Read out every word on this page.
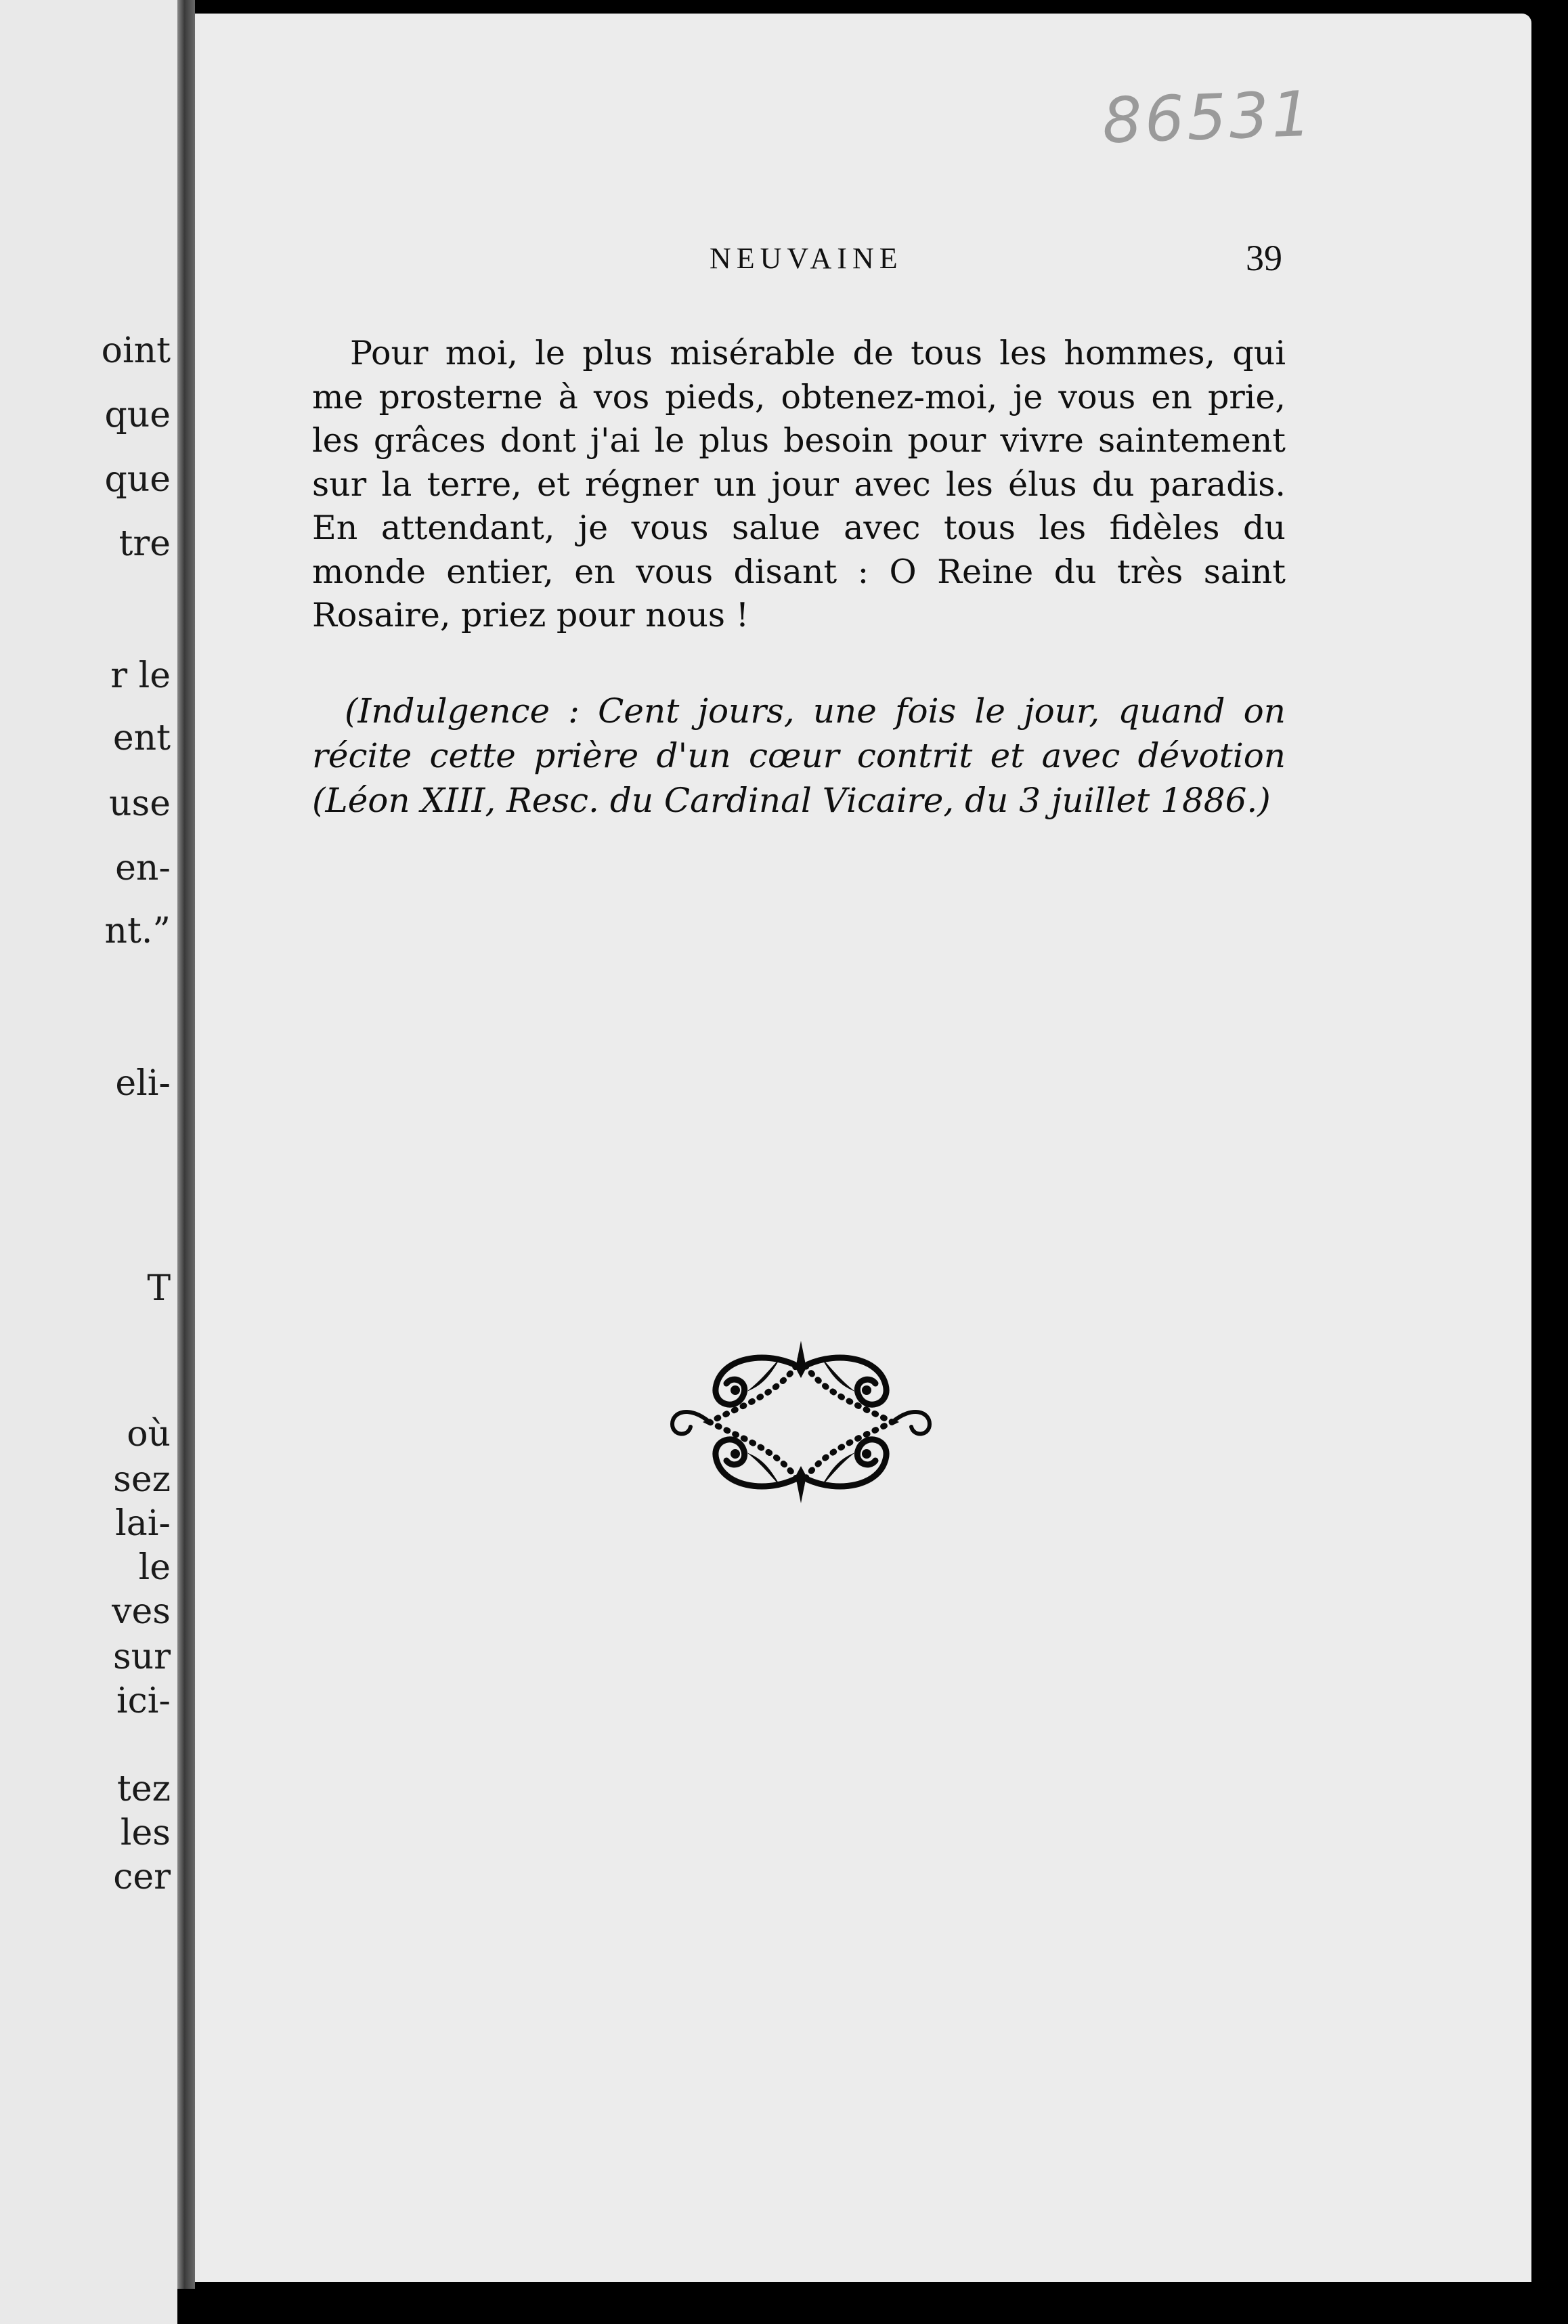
oint
que
que
tre
r le
ent
use
en-
nt.”
eli-
T
où
sez
lai-
le
ves
sur
ici-
tez
les
cer
86531
NEUVAINE	39

Pour moi, le plus misérable de tous les hommes, qui me prosterne à vos pieds, obtenez-moi, je vous en prie, les grâces dont j'ai le plus besoin pour vivre saintement sur la terre, et régner un jour avec les élus du paradis. En attendant, je vous salue avec tous les fidèles du monde entier, en vous disant : O Reine du très saint Rosaire, priez pour nous !

(Indulgence : Cent jours, une fois le jour, quand on récite cette prière d'un cœur contrit et avec dévotion (Léon XIII, Resc. du Cardinal Vicaire, du 3 juillet 1886.)
